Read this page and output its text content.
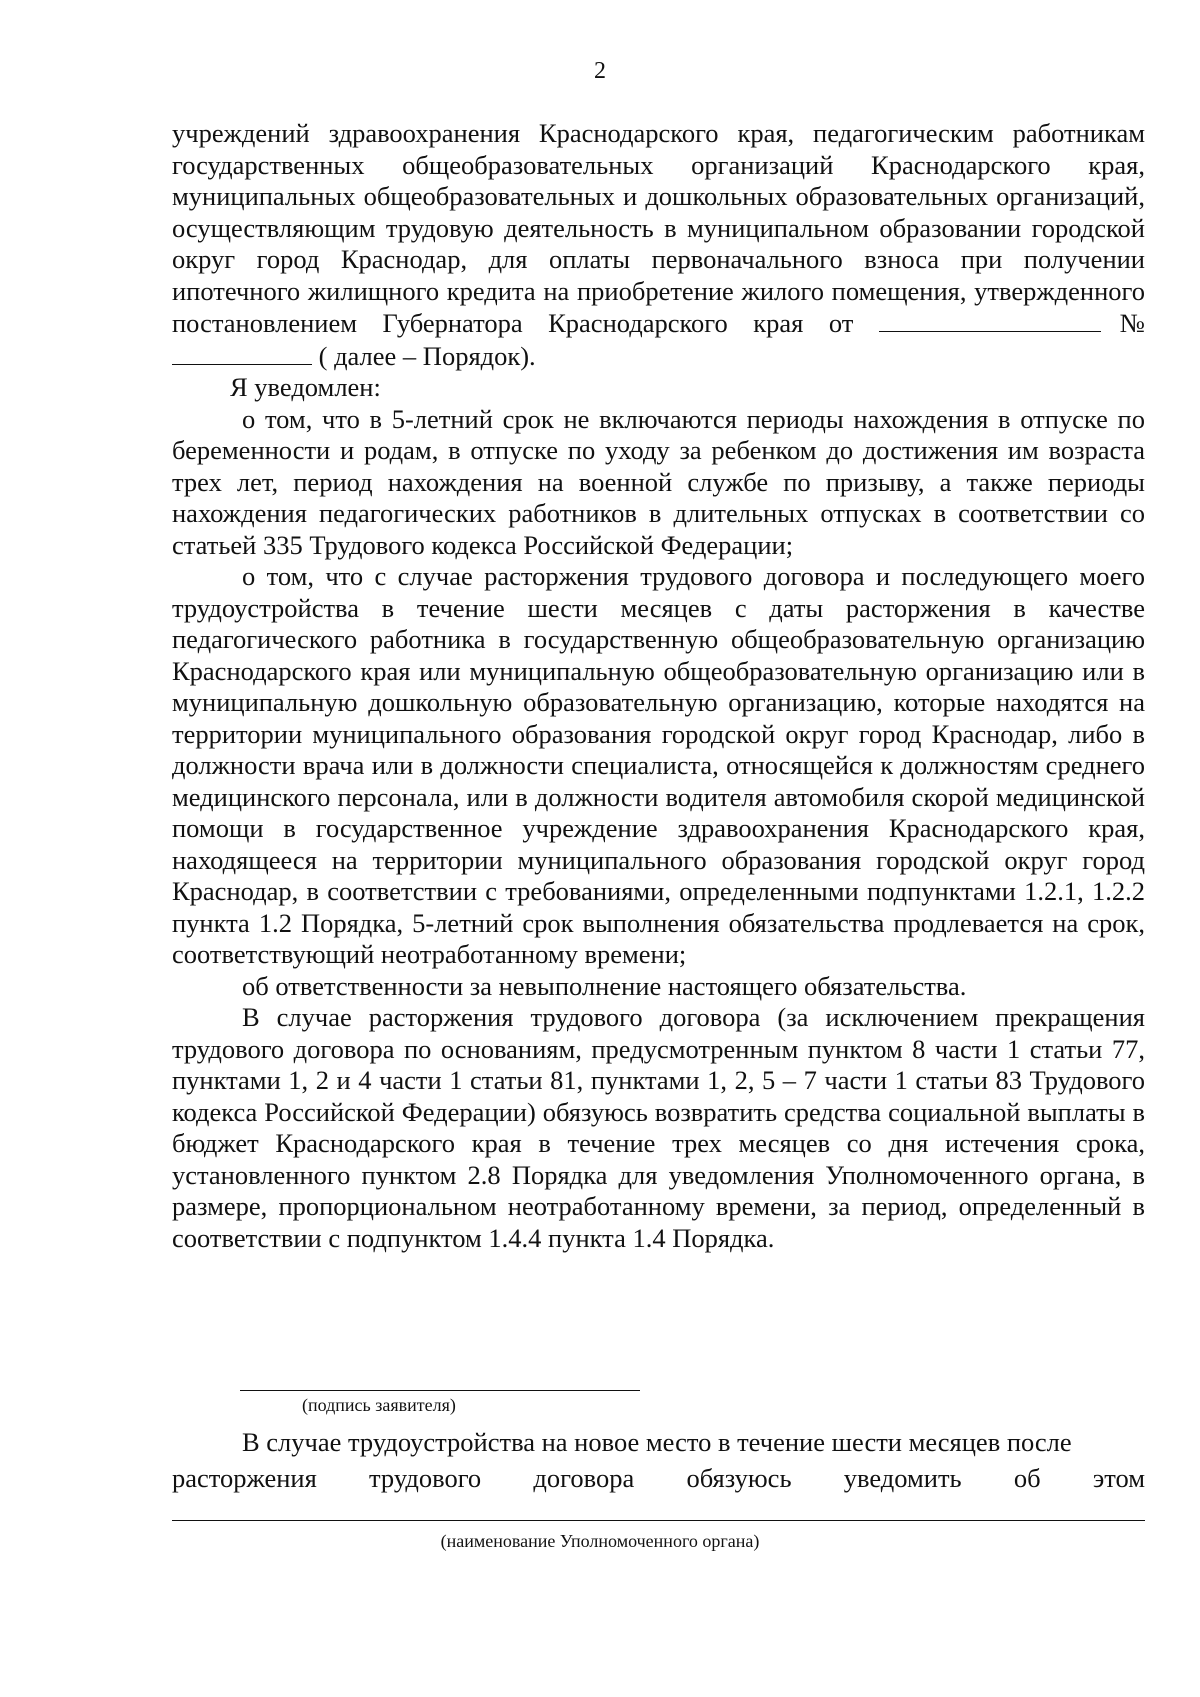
2

учреждений здравоохранения Краснодарского края, педагогическим работникам государственных общеобразовательных организаций Краснодарского края, муниципальных общеобразовательных и дошкольных образовательных организаций, осуществляющим трудовую деятельность в муниципальном образовании городской округ город Краснодар, для оплаты первоначального взноса при получении ипотечного жилищного кредита на приобретение жилого помещения, утвержденного постановлением Губернатора Краснодарского края от	№ ( далее – Порядок).

Я уведомлен:

о том, что в 5-летний срок не включаются периоды нахождения в отпуске по беременности и родам, в отпуске по уходу за ребенком до достижения им возраста трех лет, период нахождения на военной службе по призыву, а также периоды нахождения педагогических работников в длительных отпусках в соответствии со статьей 335 Трудового кодекса Российской Федерации;

о том, что с случае расторжения трудового договора и последующего моего трудоустройства в течение шести месяцев с даты расторжения в качестве педагогического работника в государственную общеобразовательную организацию Краснодарского края или муниципальную общеобразовательную организацию или в муниципальную дошкольную образовательную организацию, которые находятся на территории муниципального образования городской округ город Краснодар, либо в должности врача или в должности специалиста, относящейся к должностям среднего медицинского персонала, или в должности водителя автомобиля скорой медицинской помощи в государственное учреждение здравоохранения Краснодарского края, находящееся на территории муниципального образования городской округ город Краснодар, в соответствии с требованиями, определенными подпунктами 1.2.1, 1.2.2 пункта 1.2 Порядка, 5-летний срок выполнения обязательства продлевается на срок, соответствующий неотработанному времени;

об ответственности за невыполнение настоящего обязательства.

В случае расторжения трудового договора (за исключением прекращения трудового договора по основаниям, предусмотренным пунктом 8 части 1 статьи 77, пунктами 1, 2 и 4 части 1 статьи 81, пунктами 1, 2, 5 – 7 части 1 статьи 83 Трудового кодекса Российской Федерации) обязуюсь возвратить средства социальной выплаты в бюджет Краснодарского края в течение трех месяцев со дня истечения срока, установленного пунктом 2.8 Порядка для уведомления Уполномоченного органа, в размере, пропорциональном неотработанному времени, за период, определенный в соответствии с подпунктом 1.4.4 пункта 1.4 Порядка.

(подпись заявителя)

В случае трудоустройства на новое место в течение шести месяцев после

расторжения трудового договора обязуюсь уведомить об этом

(наименование Уполномоченного органа)
